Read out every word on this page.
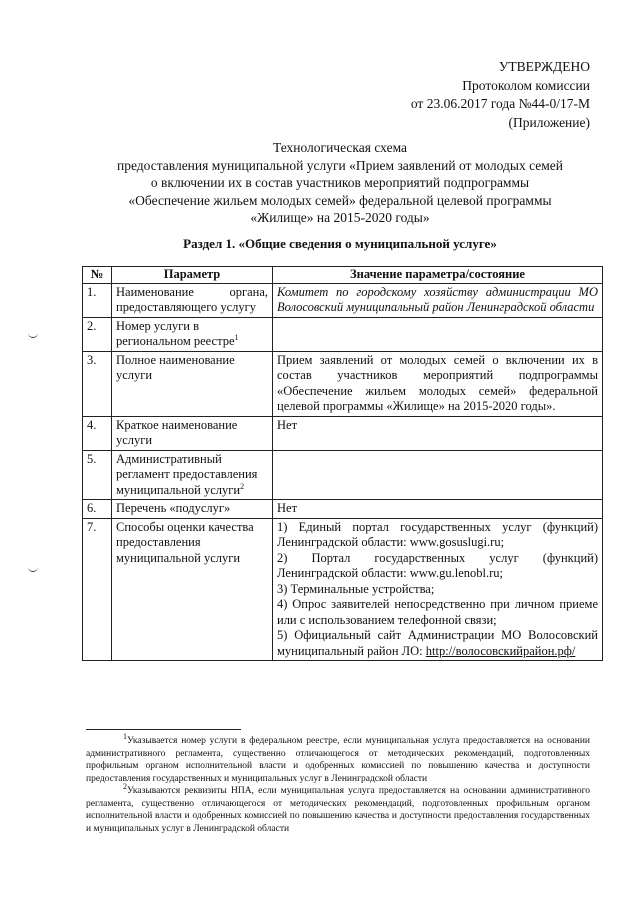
УТВЕРЖДЕНО
Протоколом комиссии
от 23.06.2017 года №44-0/17-М
(Приложение)
Технологическая схема
предоставления муниципальной услуги «Прием заявлений от молодых семей
о включении их в состав участников мероприятий подпрограммы
«Обеспечение жильем молодых семей» федеральной целевой программы
«Жилище» на 2015-2020 годы»
Раздел 1. «Общие сведения о муниципальной услуге»
№	Параметр	Значение параметра/состояние
1.	Наименование органа, предоставляющего услугу	Комитет по городскому хозяйству администрации МО Волосовский муниципальный район Ленинградской области
2.	Номер услуги в региональном реестре$^1$	
3.	Полное наименование услуги	Прием заявлений от молодых семей о включении их в состав участников мероприятий подпрограммы «Обеспечение жильем молодых семей» федеральной целевой программы «Жилище» на 2015-2020 годы».
4.	Краткое наименование услуги	Нет
5.	Административный регламент предоставления муниципальной услуги$^2$	
6.	Перечень «подуслуг»	Нет
7.	Способы оценки качества предоставления муниципальной услуги	1) Единый портал государственных услуг (функций) Ленинградской области: www.gosuslugi.ru;
2) Портал государственных услуг (функций) Ленинградской области: www.gu.lenobl.ru;
3) Терминальные устройства;
4) Опрос заявителей непосредственно при личном приеме или с использованием телефонной связи;
5) Официальный сайт Администрации МО Волосовский муниципальный район ЛО: http://волосовскийрайон.рф/

$^1$Указывается номер услуги в федеральном реестре, если муниципальная услуга предоставляется на основании административного регламента, существенно отличающегося от методических рекомендаций, подготовленных профильным органом исполнительной власти и одобренных комиссией по повышению качества и доступности предоставления государственных и муниципальных услуг в Ленинградской области

$^2$Указываются реквизиты НПА, если муниципальная услуга предоставляется на основании административного регламента, существенно отличающегося от методических рекомендаций, подготовленных профильным органом исполнительной власти и одобренных комиссией по повышению качества и доступности предоставления государственных и муниципальных услуг в Ленинградской области
